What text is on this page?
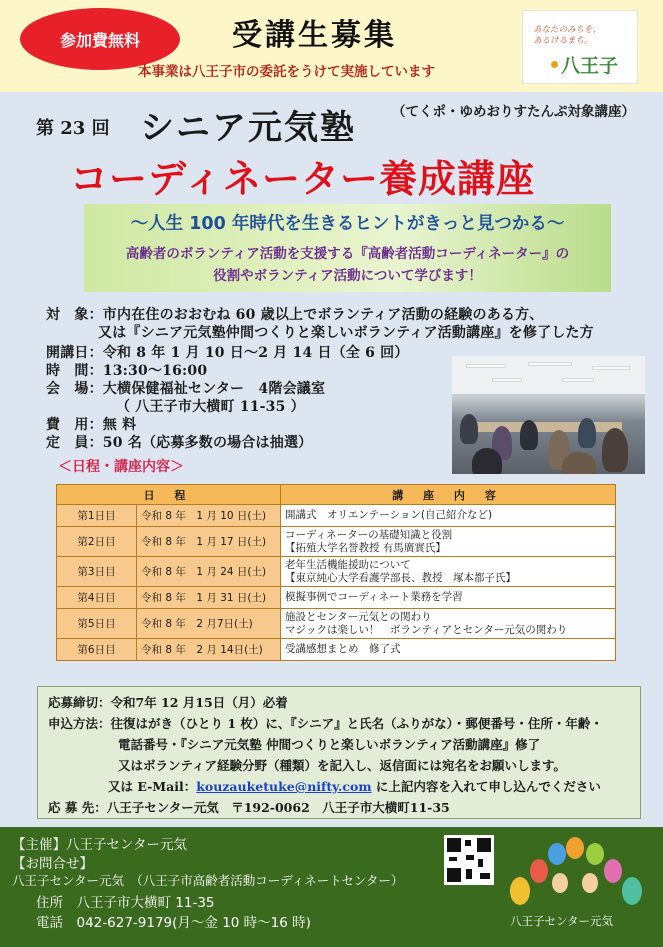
参加費無料	受講生募集
本事業は八王子市の委託をうけて実施しています
あなたのみちを、
あるけるまち。
八王子
第 23 回 シニア元気塾	（てくポ・ゆめおりすたんぷ対象講座）
コーディネーター養成講座
～人生 100 年時代を生きるヒントがきっと見つかる～
高齢者のボランティア活動を支援する『高齢者活動コーディネーター』の
役割やボランティア活動について学びます！
対　象：市内在住のおおむね 60 歳以上でボランティア活動の経験のある方、
又は『シニア元気塾仲間つくりと楽しいボランティア活動講座』を修了した方
開講日：令和 8 年 1 月 10 日～2 月 14 日（全 6 回）
時　間：13:30～16:00
会　場：大横保健福祉センター　4階会議室
（ 八王子市大横町 11-35 ）
費　用：無 料
定　員：50 名（応募多数の場合は抽選）
＜日程・講座内容＞
日 程		講 座 内 容
第1日目	令和 8 年　1 月 10 日(土)	開講式　オリエンテーション(自己紹介など)
第2日目	令和 8 年　1 月 17 日(土)	コーディネーターの基礎知識と役割
【拓殖大学名誉教授 有馬廣實氏】
第3日目	令和 8 年　1 月 24 日(土)	老年生活機能援助について
【東京純心大学看護学部長、教授　塚本都子氏】
第4日目	令和 8 年　1 月 31 日(土)	模擬事例でコーディネート業務を学習
第5日目	令和 8 年　2 月7日(土)	施設とセンター元気との関わり
マジックは楽しい！　ボランティアとセンター元気の関わり
第6日目	令和 8 年　2 月 14日(土)	受講感想まとめ　修了式
応募締切：令和7年 12 月15日（月）必着
申込方法：往復はがき（ひとり 1 枚）に、『シニア』と氏名（ふりがな）・郵便番号・住所・年齢・
電話番号・『シニア元気塾 仲間つくりと楽しいボランティア活動講座』修了
又はボランティア経験分野（種類）を記入し、返信面には宛名をお願いします。
又は E-Mail：kouzauketuke@nifty.com に上記内容を入れて申し込んでください
応 募 先：八王子センター元気　〒192-0062　八王子市大横町11-35
【主催】八王子センター元気
【お問合せ】
八王子センター元気　（八王子市高齢者活動コーディネートセンター）
住所　八王子市大横町 11-35
電話　042-627-9179(月～金 10 時～16 時)	八王子センター元気
